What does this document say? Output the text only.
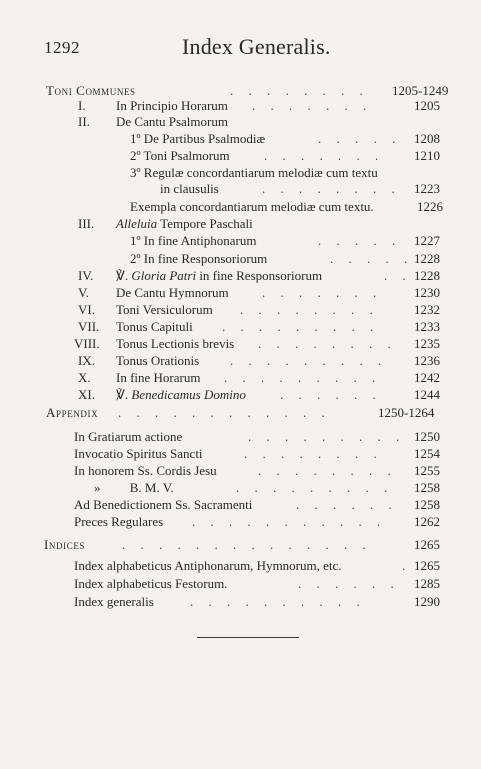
1292	Index Generalis.
Toni Communes	. . . . . . . . 1205-1249
I. In Principio Horarum . . . . . . .	1205
II. De Cantu Psalmorum
1º De Partibus Psalmodiæ	. . . . . 1208
2º Toni Psalmorum	. . . . . . . 1210
3º Regulæ concordantiarum melodiæ cum textu
in clausulis	. . . . . . . . 1223
Exempla concordantiarum melodiæ cum textu.	1226
III. Alleluia Tempore Paschali
1º In fine Antiphonarum	. . . . . 1227
2º In fine Responsoriorum	. . . . . 1228
IV. ℣. Gloria Patri in fine Responsoriorum	. . 1228
V. De Cantu Hymnorum	. . . . . . . 1230
VI. Toni Versiculorum . . . . . . . .	1232
VII. Tonus Capituli . . . . . . . . .	1233
VIII. Tonus Lectionis brevis . . . . . . . . 1235
IX. Tonus Orationis . . . . . . . . . 1236
X. In fine Horarum . . . . . . . . .	1242
XI. ℣. Benedicamus Domino	. . . . . . 1244
Appendix . . . . . . . . . . . .	1250-1264
In Gratiarum actione	. . . . . . . . . 1250
Invocatio Spiritus Sancti	. . . . . . . . 1254
In honorem Ss. Cordis Jesu	. . . . . . . . 1255
»         B. M. V.	. . . . . . . . . 1258
Ad Benedictionem Ss. Sacramenti	. . . . . . 1258
Preces Regulares . . . . . . . . . . . 1262
Indices	. . . . . . . . . . . . . .	1265
Index alphabeticus Antiphonarum, Hymnorum, etc.	. 1265
Index alphabeticus Festorum.	. . . . . . 1285
Index generalis	. . . . . . . . . .	1290
